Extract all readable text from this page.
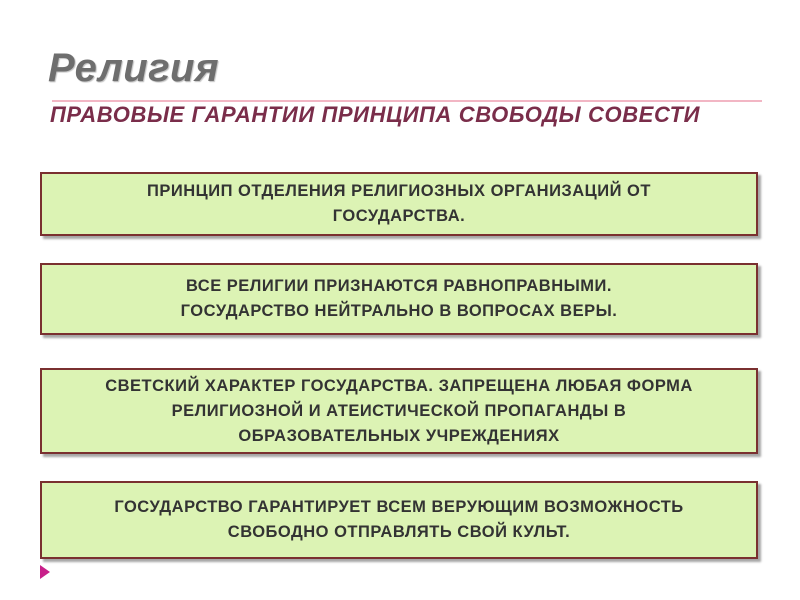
Религия
ПРАВОВЫЕ ГАРАНТИИ ПРИНЦИПА СВОБОДЫ СОВЕСТИ
ПРИНЦИП ОТДЕЛЕНИЯ РЕЛИГИОЗНЫХ ОРГАНИЗАЦИЙ ОТ
ГОСУДАРСТВА.
ВСЕ РЕЛИГИИ ПРИЗНАЮТСЯ РАВНОПРАВНЫМИ.
ГОСУДАРСТВО НЕЙТРАЛЬНО В ВОПРОСАХ ВЕРЫ.
СВЕТСКИЙ ХАРАКТЕР ГОСУДАРСТВА. ЗАПРЕЩЕНА ЛЮБАЯ ФОРМА
РЕЛИГИОЗНОЙ И АТЕИСТИЧЕСКОЙ ПРОПАГАНДЫ В
ОБРАЗОВАТЕЛЬНЫХ УЧРЕЖДЕНИЯХ
ГОСУДАРСТВО ГАРАНТИРУЕТ ВСЕМ ВЕРУЮЩИМ ВОЗМОЖНОСТЬ
СВОБОДНО ОТПРАВЛЯТЬ СВОЙ КУЛЬТ.
